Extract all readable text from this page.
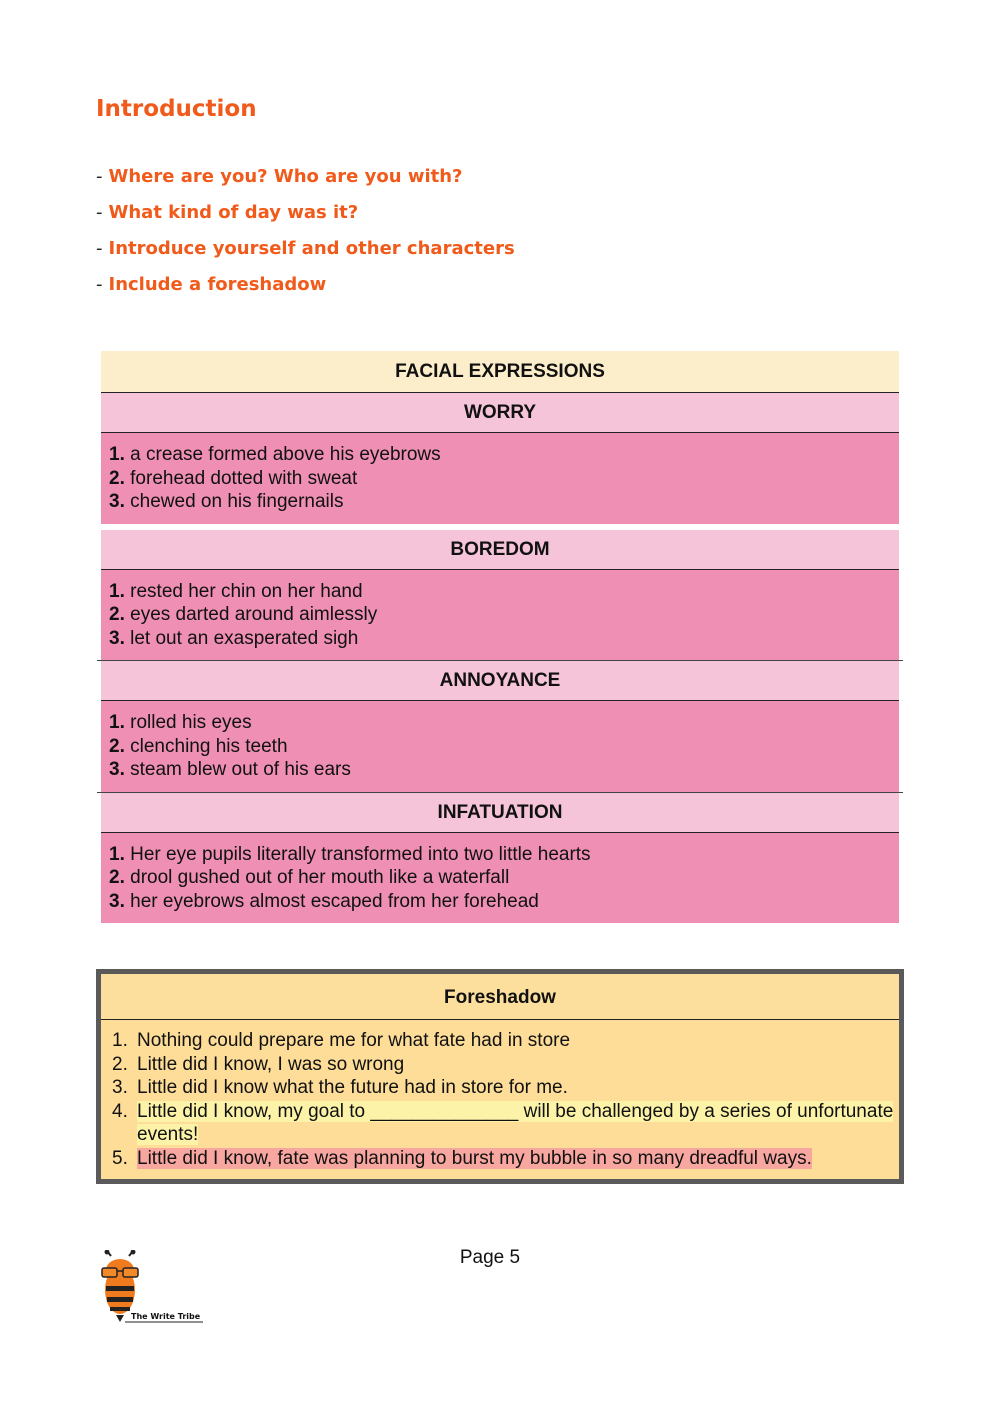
Introduction
- Where are you? Who are you with?
- What kind of day was it?
- Introduce yourself and other characters
- Include a foreshadow
FACIAL EXPRESSIONS
WORRY
1. a crease formed above his eyebrows
2. forehead dotted with sweat
3. chewed on his fingernails
BOREDOM
1. rested her chin on her hand
2. eyes darted around aimlessly
3. let out an exasperated sigh
ANNOYANCE
1. rolled his eyes
2. clenching his teeth
3. steam blew out of his ears
INFATUATION
1. Her eye pupils literally transformed into two little hearts
2. drool gushed out of her mouth like a waterfall
3. her eyebrows almost escaped from her forehead
Foreshadow
1. Nothing could prepare me for what fate had in store
2. Little did I know, I was so wrong
3. Little did I know what the future had in store for me.
4. Little did I know, my goal to ______________ will be challenged by a series of unfortunate events!
5. Little did I know, fate was planning to burst my bubble in so many dreadful ways.
Page 5
The Write Tribe
